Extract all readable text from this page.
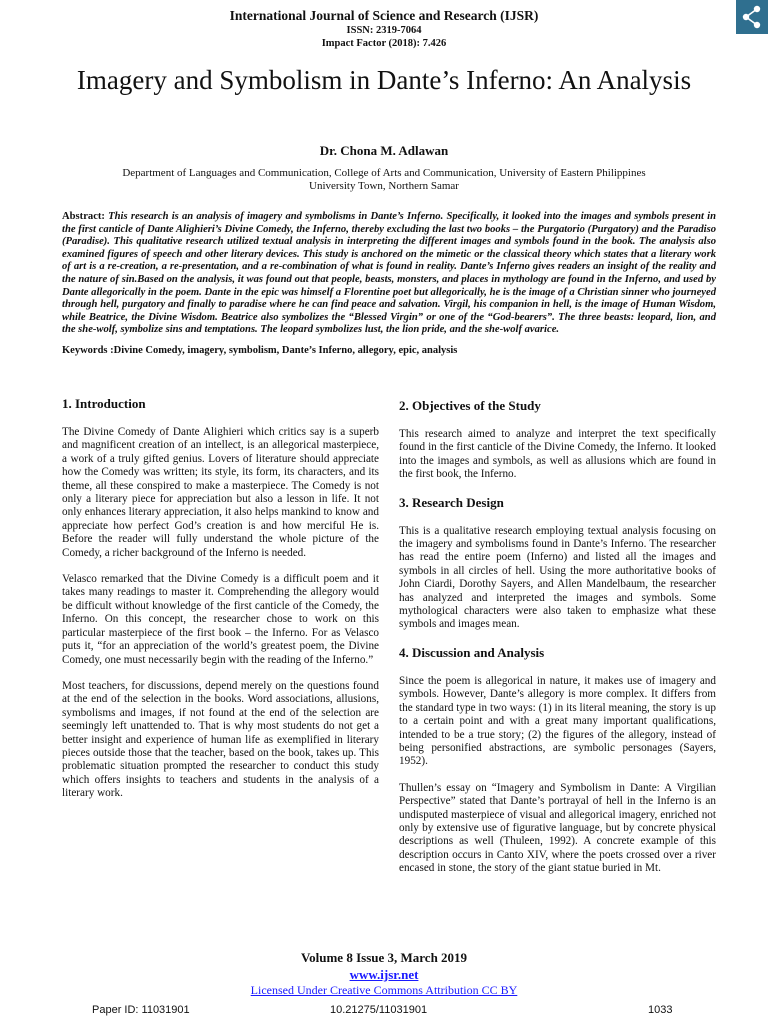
International Journal of Science and Research (IJSR)
ISSN: 2319-7064
Impact Factor (2018): 7.426
Imagery and Symbolism in Dante’s Inferno: An Analysis
Dr. Chona M. Adlawan
Department of Languages and Communication, College of Arts and Communication, University of Eastern Philippines
University Town, Northern Samar
Abstract: This research is an analysis of imagery and symbolisms in Dante’s Inferno. Specifically, it looked into the images and symbols present in the first canticle of Dante Alighieri’s Divine Comedy, the Inferno, thereby excluding the last two books – the Purgatorio (Purgatory) and the Paradiso (Paradise). This qualitative research utilized textual analysis in interpreting the different images and symbols found in the book. The analysis also examined figures of speech and other literary devices. This study is anchored on the mimetic or the classical theory which states that a literary work of art is a re-creation, a re-presentation, and a re-combination of what is found in reality. Dante’s Inferno gives readers an insight of the reality and the nature of sin.Based on the analysis, it was found out that people, beasts, monsters, and places in mythology are found in the Inferno, and used by Dante allegorically in the poem. Dante in the epic was himself a Florentine poet but allegorically, he is the image of a Christian sinner who journeyed through hell, purgatory and finally to paradise where he can find peace and salvation. Virgil, his companion in hell, is the image of Human Wisdom, while Beatrice, the Divine Wisdom. Beatrice also symbolizes the “Blessed Virgin” or one of the “God-bearers”. The three beasts: leopard, lion, and the she-wolf, symbolize sins and temptations. The leopard symbolizes lust, the lion pride, and the she-wolf avarice.
Keywords :Divine Comedy, imagery, symbolism, Dante’s Inferno, allegory, epic, analysis
1. Introduction

The Divine Comedy of Dante Alighieri which critics say is a superb and magnificent creation of an intellect, is an allegorical masterpiece, a work of a truly gifted genius. Lovers of literature should appreciate how the Comedy was written; its style, its form, its characters, and its theme, all these conspired to make a masterpiece. The Comedy is not only a literary piece for appreciation but also a lesson in life. It not only enhances literary appreciation, it also helps mankind to know and appreciate how perfect God’s creation is and how merciful He is. Before the reader will fully understand the whole picture of the Comedy, a richer background of the Inferno is needed.

Velasco remarked that the Divine Comedy is a difficult poem and it takes many readings to master it. Comprehending the allegory would be difficult without knowledge of the first canticle of the Comedy, the Inferno. On this concept, the researcher chose to work on this particular masterpiece of the first book – the Inferno. For as Velasco puts it, “for an appreciation of the world’s greatest poem, the Divine Comedy, one must necessarily begin with the reading of the Inferno.”

Most teachers, for discussions, depend merely on the questions found at the end of the selection in the books. Word associations, allusions, symbolisms and images, if not found at the end of the selection are seemingly left unattended to. That is why most students do not get a better insight and experience of human life as exemplified in literary pieces outside those that the teacher, based on the book, takes up. This problematic situation prompted the researcher to conduct this study which offers insights to teachers and students in the analysis of a literary work.

2. Objectives of the Study

This research aimed to analyze and interpret the text specifically found in the first canticle of the Divine Comedy, the Inferno. It looked into the images and symbols, as well as allusions which are found in the first book, the Inferno.

3. Research Design

This is a qualitative research employing textual analysis focusing on the imagery and symbolisms found in Dante’s Inferno. The researcher has read the entire poem (Inferno) and listed all the images and symbols in all circles of hell. Using the more authoritative books of John Ciardi, Dorothy Sayers, and Allen Mandelbaum, the researcher has analyzed and interpreted the images and symbols. Some mythological characters were also taken to emphasize what these symbols and images mean.

4. Discussion and Analysis

Since the poem is allegorical in nature, it makes use of imagery and symbols. However, Dante’s allegory is more complex. It differs from the standard type in two ways: (1) in its literal meaning, the story is up to a certain point and with a great many important qualifications, intended to be a true story; (2) the figures of the allegory, instead of being personified abstractions, are symbolic personages (Sayers, 1952).

Thullen’s essay on “Imagery and Symbolism in Dante: A Virgilian Perspective” stated that Dante’s portrayal of hell in the Inferno is an undisputed masterpiece of visual and allegorical imagery, enriched not only by extensive use of figurative language, but by concrete physical descriptions as well (Thuleen, 1992). A concrete example of this description occurs in Canto XIV, where the poets crossed over a river encased in stone, the story of the giant statue buried in Mt.

Volume 8 Issue 3, March 2019
www.ijsr.net
Licensed Under Creative Commons Attribution CC BY
Paper ID: 11031901	10.21275/11031901	1033
